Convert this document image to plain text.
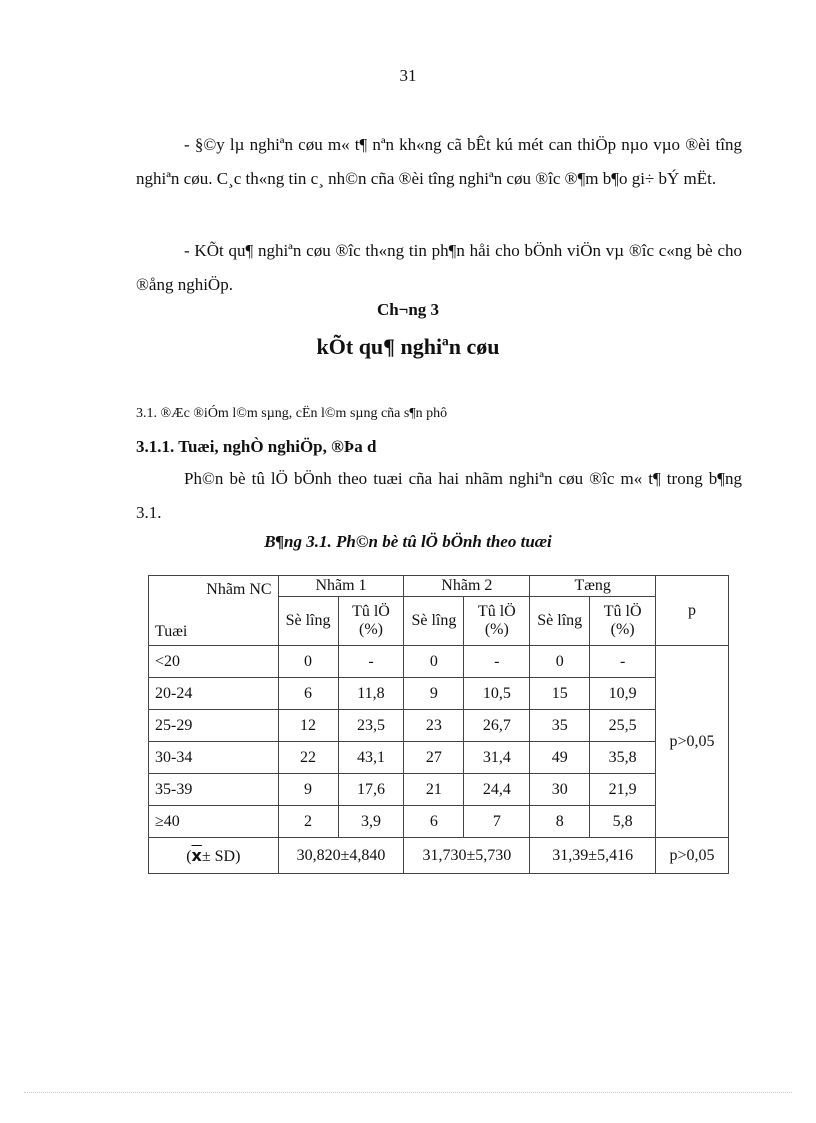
31
- §©y lµ nghiªn cøu m« t¶ nªn kh«ng cã bÊt kú mét can thiÖp nµo vµo ®èi tîng nghiªn cøu. C¸c th«ng tin c¸ nh©n cña ®èi tîng nghiªn cøu ®îc ®¶m b¶o gi÷ bÝ mËt.
- KÕt qu¶ nghiªn cøu ®îc th«ng tin ph¶n håi cho bÖnh viÖn vµ ®îc c«ng bè cho ®ång nghiÖp.
Ch¬ng 3
kÕt qu¶ nghiªn cøu
3.1. ®Æc ®iÓm l©m sµng, cËn l©m sµng cña s¶n phô
3.1.1. Tuæi, nghÒ nghiÖp, ®Þa d
Ph©n bè tû lÖ bÖnh theo tuæi cña hai nhãm nghiªn cøu ®îc m« t¶ trong b¶ng 3.1.
B¶ng 3.1. Ph©n bè tû lÖ bÖnh theo tuæi
Nhãm NC
Tuæi	Nhãm 1		Nhãm 2		Tæng		p
	Sè lîng	Tû lÖ (%)	Sè lîng	Tû lÖ (%)	Sè lîng	Tû lÖ (%)	
<20	0	-	0	-	0	-	p>0,05
20-24	6	11,8	9	10,5	15	10,9	
25-29	12	23,5	23	26,7	35	25,5	
30-34	22	43,1	27	31,4	49	35,8	
35-39	9	17,6	21	24,4	30	21,9	
≥40	2	3,9	6	7	8	5,8	
$(\overline{x}\pm SD)$	30,820±4,840		31,730±5,730		31,39±5,416		p>0,05
